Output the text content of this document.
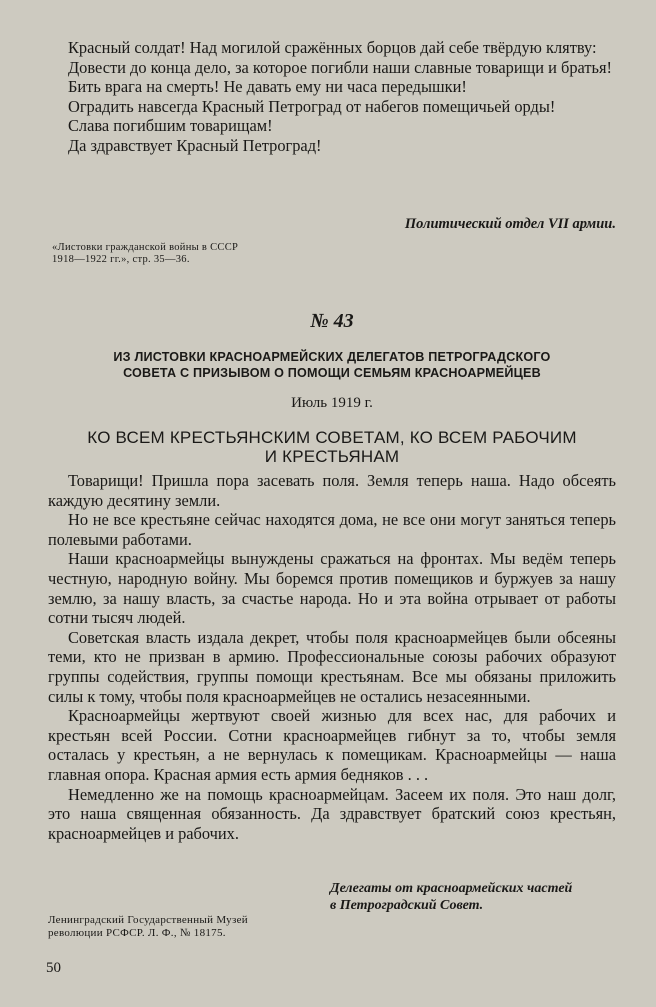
Красный солдат! Над могилой сражённых борцов дай себе твёрдую клятву:

Довести до конца дело, за которое погибли наши славные товарищи и братья!

Бить врага на смерть! Не давать ему ни часа передышки!

Оградить навсегда Красный Петроград от набегов помещичьей орды!

Слава погибшим товарищам!

Да здравствует Красный Петроград!

Политический отдел VII армии.
«Листовки гражданской войны в СССР
1918—1922 гг.», стр. 35—36.
№ 43
ИЗ ЛИСТОВКИ КРАСНОАРМЕЙСКИХ ДЕЛЕГАТОВ ПЕТРОГРАДСКОГО
СОВЕТА С ПРИЗЫВОМ О ПОМОЩИ СЕМЬЯМ КРАСНОАРМЕЙЦЕВ
Июль 1919 г.
КО ВСЕМ КРЕСТЬЯНСКИМ СОВЕТАМ, КО ВСЕМ РАБОЧИМ
И КРЕСТЬЯНАМ

Товарищи! Пришла пора засевать поля. Земля теперь наша. Надо обсеять каждую десятину земли.

Но не все крестьяне сейчас находятся дома, не все они могут заняться теперь полевыми работами.

Наши красноармейцы вынуждены сражаться на фронтах. Мы ведём теперь честную, народную войну. Мы боремся против помещиков и буржуев за нашу землю, за нашу власть, за счастье народа. Но и эта война отрывает от работы сотни тысяч людей.

Советская власть издала декрет, чтобы поля красноармейцев были обсеяны теми, кто не призван в армию. Профессиональные союзы рабочих образуют группы содействия, группы помощи крестьянам. Все мы обязаны приложить силы к тому, чтобы поля красноармейцев не остались незасеянными.

Красноармейцы жертвуют своей жизнью для всех нас, для рабочих и крестьян всей России. Сотни красноармейцев гибнут за то, чтобы земля осталась у крестьян, а не вернулась к помещикам. Красноармейцы — наша главная опора. Красная армия есть армия бедняков . . .

Немедленно же на помощь красноармейцам. Засеем их поля. Это наш долг, это наша священная обязанность. Да здравствует братский союз крестьян, красноармейцев и рабочих.

Делегаты от красноармейских частей
в Петроградский Совет.
Ленинградский Государственный Музей
революции РСФСР. Л. Ф., № 18175.
50
